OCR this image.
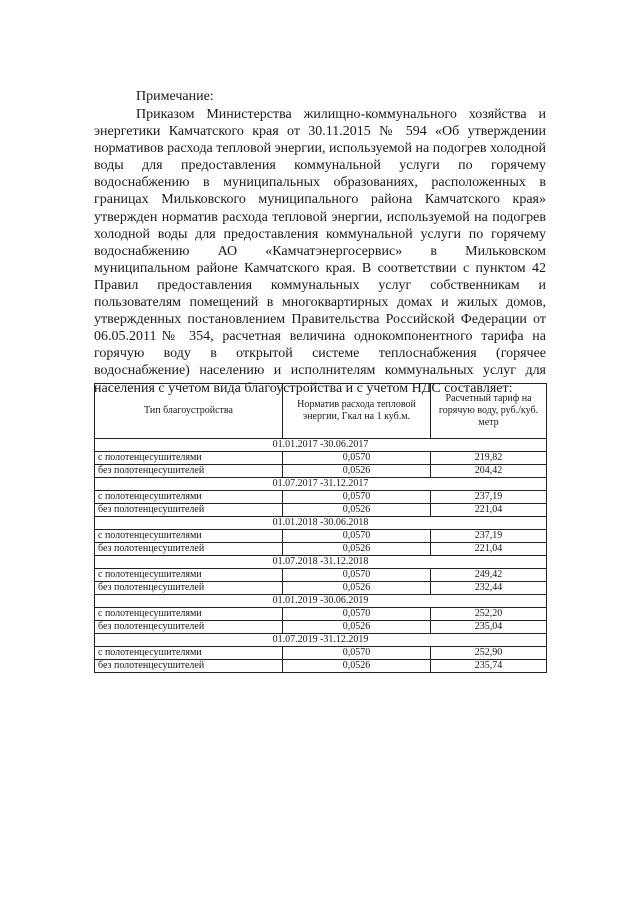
Примечание:

Приказом Министерства жилищно-коммунального хозяйства и энергетики Камчатского края от 30.11.2015 № 594 «Об утверждении нормативов расхода тепловой энергии, используемой на подогрев холодной воды для предоставления коммунальной услуги по горячему водоснабжению в муниципальных образованиях, расположенных в границах Мильковского муниципального района Камчатского края» утвержден норматив расхода тепловой энергии, используемой на подогрев холодной воды для предоставления коммунальной услуги по горячему водоснабжению АО «Камчатэнергосервис» в Мильковском муниципальном районе Камчатского края. В соответствии с пунктом 42 Правил предоставления коммунальных услуг собственникам и пользователям помещений в многоквартирных домах и жилых домов, утвержденных постановлением Правительства Российской Федерации от 06.05.2011№ 354, расчетная величина однокомпонентного тарифа на горячую воду в открытой системе теплоснабжения (горячее водоснабжение) населению и исполнителям коммунальных услуг для населения с учетом вида благоустройства и с учетом НДС составляет:

Тип благоустройства	Норматив расхода тепловой энергии, Гкал на 1 куб.м.	Расчетный тариф на горячую воду, руб./куб. метр
01.01.2017 -30.06.2017		
с полотенцесушителями	0,0570	219,82
без полотенцесушителей	0,0526	204,42
01.07.2017 -31.12.2017		
с полотенцесушителями	0,0570	237,19
без полотенцесушителей	0,0526	221,04
01.01.2018 -30.06.2018		
с полотенцесушителями	0,0570	237,19
без полотенцесушителей	0,0526	221,04
01.07.2018 -31.12.2018		
с полотенцесушителями	0,0570	249,42
без полотенцесушителей	0,0526	232,44
01.01.2019 -30.06.2019		
с полотенцесушителями	0,0570	252,20
без полотенцесушителей	0,0526	235,04
01.07.2019 -31.12.2019		
с полотенцесушителями	0,0570	252,90
без полотенцесушителей	0,0526	235,74
